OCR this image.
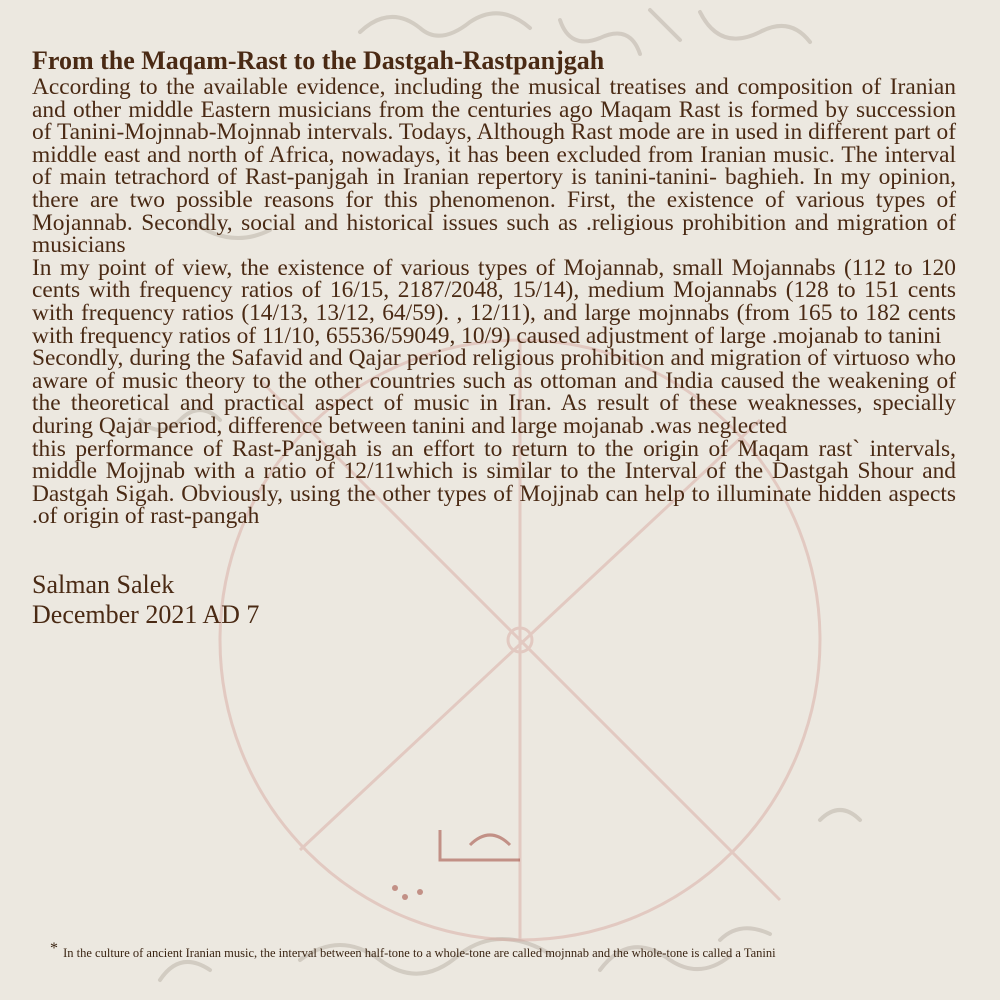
From the Maqam-Rast to the Dastgah-Rastpanjgah

According to the available evidence, including the musical treatises and composition of Iranian and other middle Eastern musicians from the centuries ago Maqam Rast is formed by succession of Tanini-Mojnnab-Mojnnab intervals. Todays, Although Rast mode are in used in different part of middle east and north of Africa, nowadays, it has been excluded from Iranian music. The interval of main tetrachord of Rast-panjgah in Iranian repertory is tanini-tanini- baghieh. In my opinion, there are two possible reasons for this phenomenon. First, the existence of various types of Mojannab. Secondly, social and historical issues such as .religious prohibition and migration of musicians

In my point of view, the existence of various types of Mojannab, small Mojannabs (112 to 120 cents with frequency ratios of 16/15, 2187/2048, 15/14), medium Mojannabs (128 to 151 cents with frequency ratios (14/13, 13/12, 64/59). , 12/11), and large mojnnabs (from 165 to 182 cents with frequency ratios of 11/10, 65536/59049, 10/9) caused adjustment of large .mojanab to tanini

Secondly, during the Safavid and Qajar period religious prohibition and migration of virtuoso who aware of music theory to the other countries such as ottoman and India caused the weakening of the theoretical and practical aspect of music in Iran. As result of these weaknesses, specially during Qajar period, difference between tanini and large mojanab .was neglected

this performance of Rast-Panjgah is an effort to return to the origin of Maqam rast` intervals, middle Mojjnab with a ratio of 12/11which is similar to the Interval of the Dastgah Shour and Dastgah Sigah. Obviously, using the other types of Mojjnab can help to illuminate hidden aspects .of origin of rast-pangah

Salman Salek
December 2021 AD 7
* In the culture of ancient Iranian music, the interval between half-tone to a whole-tone are called mojnnab and the whole-tone is called a Tanini
